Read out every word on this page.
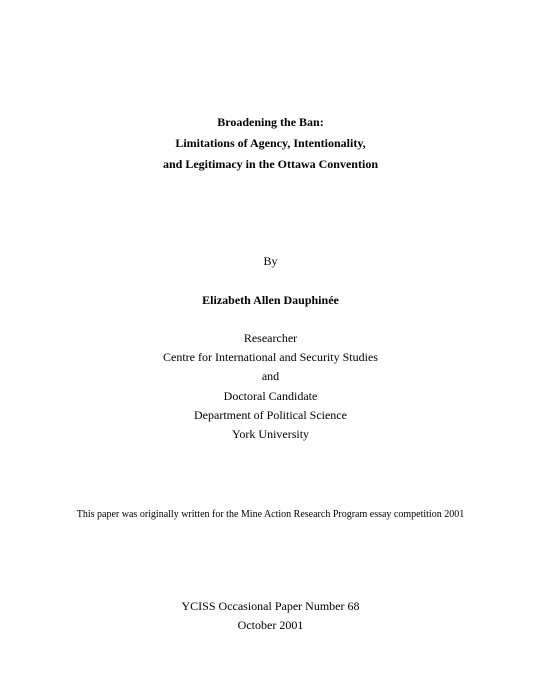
Broadening the Ban:
Limitations of Agency, Intentionality,
and Legitimacy in the Ottawa Convention
By
Elizabeth Allen Dauphinée
Researcher
Centre for International and Security Studies
and
Doctoral Candidate
Department of Political Science
York University
This paper was originally written for the Mine Action Research Program essay competition 2001
YCISS Occasional Paper Number 68
October 2001
